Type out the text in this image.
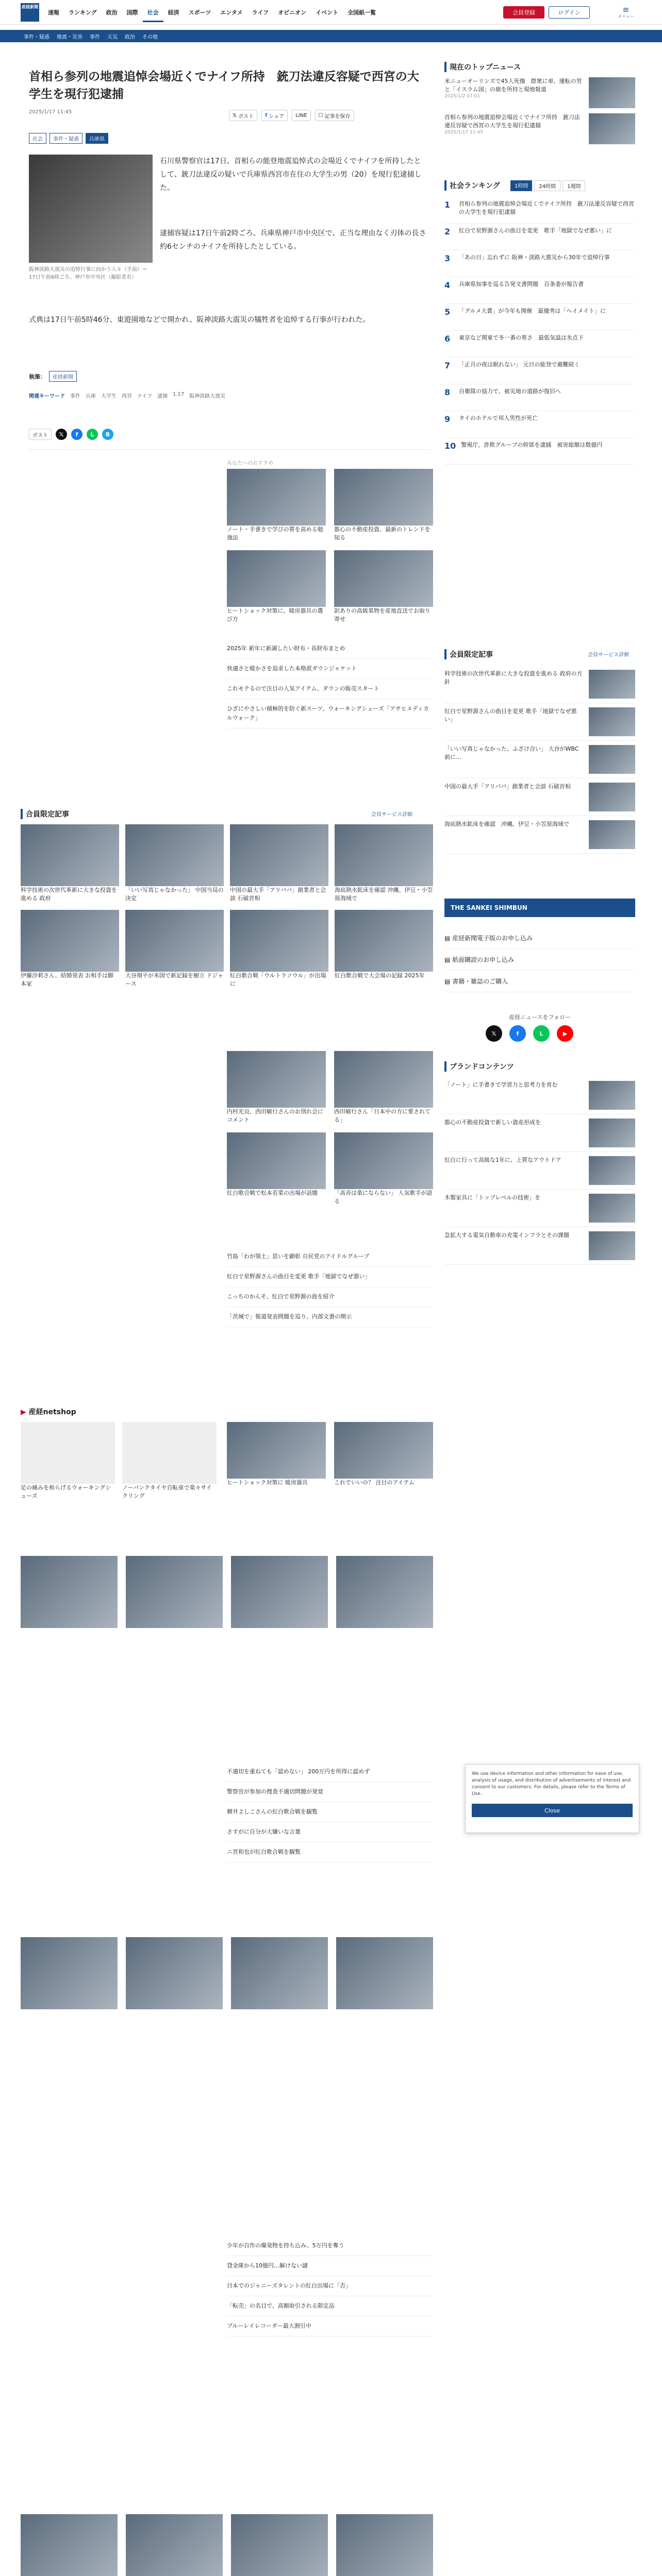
産経新聞
速報	ランキング	政治	国際	社会	経済	スポーツ	エンタメ	ライフ	オピニオン	イベント	全国紙一覧	会員登録	ログイン	≡
メニュー
事件・疑惑 地震・災害 事件 天気 政治 その他
首相ら参列の地震追悼会場近くでナイフ所持　銃刀法違反容疑で西宮の大学生を現行犯逮捕
2025/1/17 11:45
𝕏 ポスト f シェア LINE ☐ 記事を保存
社会	事件・疑惑	兵庫県
阪神淡路大震災の追悼行事に向かう人々（手前）＝17日午前6時ごろ、神戸市中央区（撮影者名）
石川県警察官は17日、首相らの能登地震追悼式の会場近くでナイフを所持したとして、銃刀法違反の疑いで兵庫県西宮市在住の大学生の男（20）を現行犯逮捕した。
逮捕容疑は17日午前2時ごろ、兵庫県神戸市中央区で、正当な理由なく刃体の長さ約6センチのナイフを所持したとしている。
式典は17日午前5時46分、東遊園地などで開かれ、阪神淡路大震災の犠牲者を追悼する行事が行われた。
執筆：	産経新聞
関連キーワード 事件 兵庫 大学生 西宮 ナイフ 逮捕 1.17 阪神淡路大震災
ポスト	𝕏	f	L	B
あなたへのおすすめ
ノート・手書きで学びの質を高める勉強法
都心の不動産投資、最新のトレンドを知る
ヒートショック対策に。暖房器具の選び方
訳ありの高級果物を産地直送でお取り寄せ
2025年 新年に新調したい財布・長財布まとめ
快適さと暖かさを追求した本格派ダウンジャケット
これモテるので注目の人気アイテム、ダウンの販売スタート
ひざにやさしい積極的を防ぐ新スーツ、ウォーキングシューズ「アサヒメディカルウォーク」
合員限定記事	会員サービス詳細
科学技術の次世代革新に大きな投資を進める 政府
「いい写真じゃなかった」 中国当局の決定
中国の最大手「アリババ」創業者と会談 石破首相
海底熱水鉱床を確認 沖縄、伊豆・小笠原海域で
伊藤沙莉さん、結婚発表 お相手は脚本家
大谷翔平が米国で新記録を樹立 ドジャース
紅白歌合戦「ウルトラソウル」が出場に
紅白歌合戦で大会場の記録 2025年
内村光良、西田敏行さんのお別れ会にコメント
西田敏行さん「日本中の方に愛されてる」
紅白歌合戦で松本若菜の出場が話題	「高音は楽にならない」 人気歌手が語る
竹島「わが領土」思いを顕彰 自民党のアイドルグループ
紅白で星野源さんの曲目を変更 歌手「地獄でなぜ悪い」
こっちのかんそ、紅白で星野源の曲を紹介
「茨城で」報道発表問題を巡り、内部文書の開示
▶ 産経netshop
足の痛みを和らげるウォーキングシューズ
ノーパンクタイヤ自転車で楽々サイクリング
ヒートショック対策に 暖房器具	これでいいの？ 注目のアイテム
不適切を重ねても「認めない」 200万円を所得に認めず
警察官が参加の捜査不適切問題が発覚
横井よしこさんの紅白歌合戦を観覧
さすがに自分が大嫌いな言葉
ニ宮和也が紅白歌合戦を観覧
少年が自作の爆発物を持ち込み、5万円を奪う
貸金庫から10億円…解けない謎
日本でのジャニーズタレントの紅白出場に「否」
「転売」の名目で、高額取引される限定品
ブルーレイレコーダー最大割引中
現在のトップニュース
米ニューオーリンズで45人死傷　群衆に車、運転の男と「イスラム国」の旗を所持と現地報道
2025/1/2 07:01
首相ら参列の地震追悼会場近くでナイフ所持　銃刀法違反容疑で西宮の大学生を現行犯逮捕
2025/1/17 11:45
社会ランキング	1時間	24時間	1週間
1	首相ら参列の地震追悼会場近くでナイフ所持　銃刀法違反容疑で西宮の大学生を現行犯逮捕
2	紅白で星野源さんの曲目を変更　歌手「地獄でなぜ悪い」に
3	「あの日」忘れずに 阪神・淡路大震災から30年で追悼行事
4	兵庫県知事を巡る告発文書問題　百条委が報告書
5	「グルメ大賞」が今年も開催　最優秀は「ヘイメイト」に
6	東京など関東で冬一番の寒さ　最低気温は氷点下
7	「正月の夜は眠れない」 元日の能登で避難続く
8	自衛隊の協力で、被災地の道路が復旧へ
9	タイのホテルで邦人男性が死亡
10 警視庁、詐欺グループの幹部を逮捕　被害総額は数億円
会員限定記事	会員サービス詳細
科学技術の次世代革新に大きな投資を進める 政府の方針
紅白で星野源さんの曲目を変更 歌手「地獄でなぜ悪い」
「いい写真じゃなかった、ふざけ合い」 大谷がWBC前に…
中国の最大手「アリババ」創業者と会談 石破首相
海底熱水鉱床を確認　沖縄、伊豆・小笠原海域で
THE SANKEI SHIMBUN
▤ 産経新聞電子版のお申し込み
▤ 紙面購読のお申し込み
▤ 書籍・雑誌のご購入
産経ニュースをフォロー
𝕏	f	L	▶
ブランドコンテンツ
「ノート」に手書きで学習力と思考力を育む
都心の不動産投資で新しい資産形成を
紅白に行って高級な1年に、上質なアウトドア
木製家具に「トップレベルの技術」を
急拡大する電気自動車の充電インフラとその課題
We use device information and other information for ease of use, analysis of usage, and distribution of advertisements of interest and consent to our customers. For details, please refer to the Terms of Use.
Close
